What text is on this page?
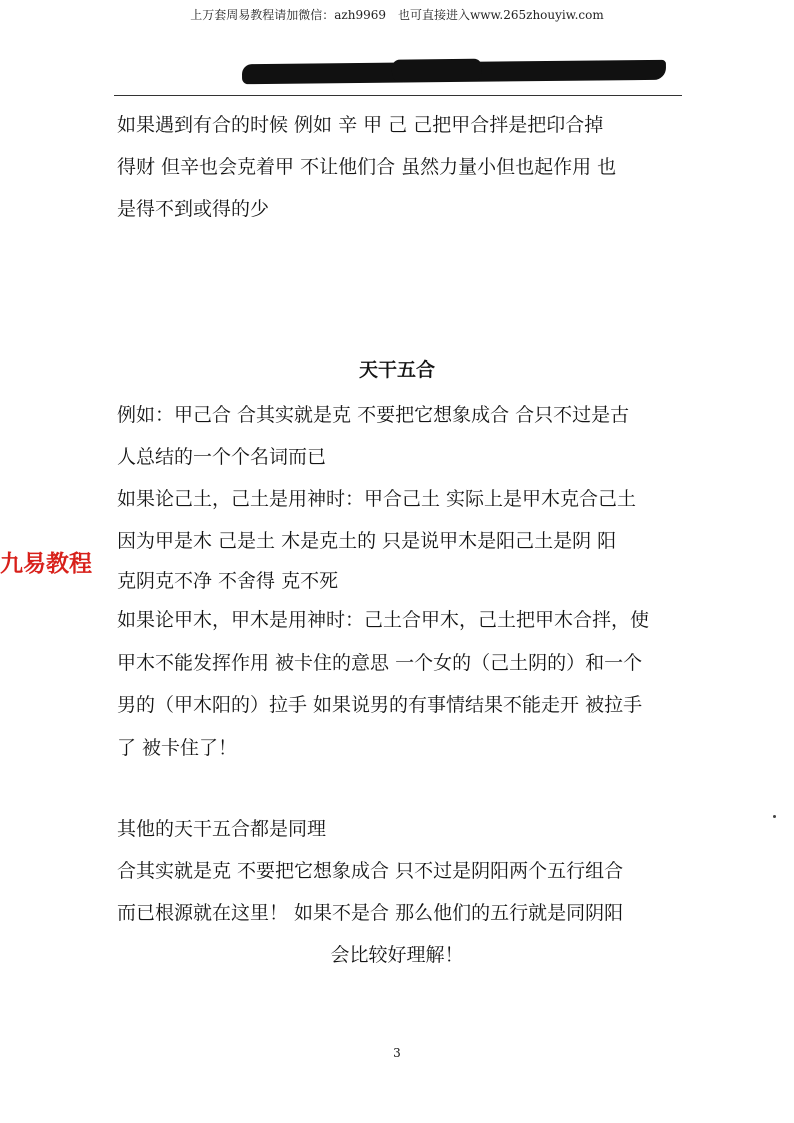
上万套周易教程请加微信：azh9969　也可直接进入www.265zhouyiw.com
如果遇到有合的时候 例如 辛 甲 己 己把甲合拌是把印合掉
得财 但辛也会克着甲 不让他们合 虽然力量小但也起作用 也
是得不到或得的少
天干五合
例如：甲己合 合其实就是克 不要把它想象成合 合只不过是古
人总结的一个个名词而已
如果论己土，己土是用神时：甲合己土 实际上是甲木克合己土
因为甲是木 己是土 木是克土的 只是说甲木是阳己土是阴 阳
克阴克不净 不舍得 克不死
如果论甲木，甲木是用神时：己土合甲木，己土把甲木合拌，使
甲木不能发挥作用 被卡住的意思 一个女的（己土阴的）和一个
男的（甲木阳的）拉手 如果说男的有事情结果不能走开 被拉手
了 被卡住了！
其他的天干五合都是同理
合其实就是克 不要把它想象成合 只不过是阴阳两个五行组合
而已根源就在这里！ 如果不是合 那么他们的五行就是同阴阳
会比较好理解！
九易教程
3
